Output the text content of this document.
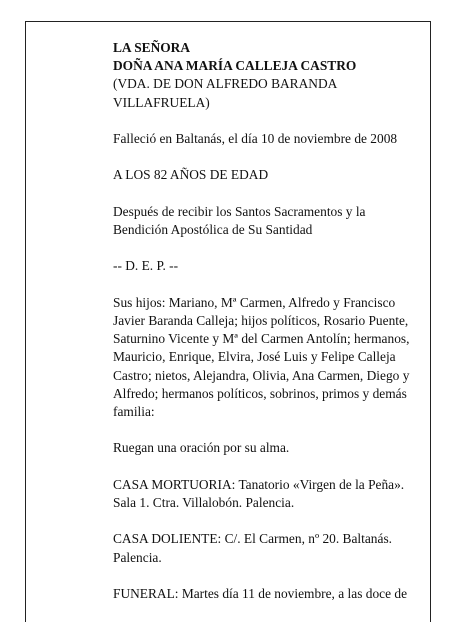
LA SEÑORA

DOÑA ANA MARÍA CALLEJA CASTRO

(VDA. DE DON ALFREDO BARANDA VILLAFRUELA)

Falleció en Baltanás, el día 10 de noviembre de 2008

A LOS 82 AÑOS DE EDAD

Después de recibir los Santos Sacramentos y la Bendición Apostólica de Su Santidad

-- D. E. P. --

Sus hijos: Mariano, Mª Carmen, Alfredo y Francisco Javier Baranda Calleja; hijos políticos, Rosario Puente, Saturnino Vicente y Mª del Carmen Antolín; hermanos, Mauricio, Enrique, Elvira, José Luis y Felipe Calleja Castro; nietos, Alejandra, Olivia, Ana Carmen, Diego y Alfredo; hermanos políticos, sobrinos, primos y demás familia:

Ruegan una oración por su alma.

CASA MORTUORIA: Tanatorio «Virgen de la Peña». Sala 1. Ctra. Villalobón. Palencia.

CASA DOLIENTE: C/. El Carmen, nº 20. Baltanás. Palencia.

FUNERAL: Martes día 11 de noviembre, a las doce de
